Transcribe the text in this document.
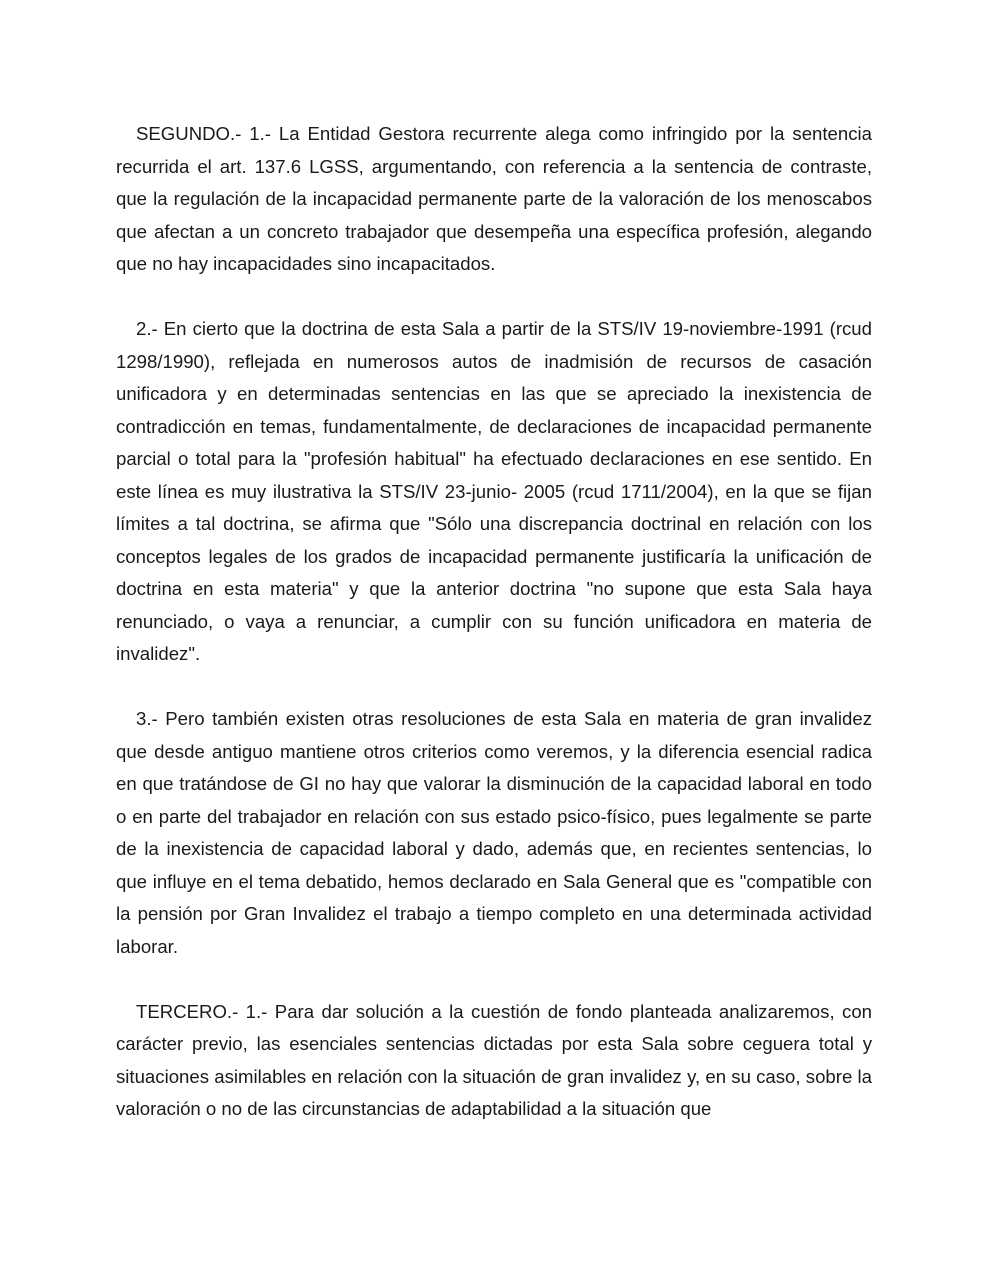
SEGUNDO.- 1.- La Entidad Gestora recurrente alega como infringido por la sentencia recurrida el art. 137.6 LGSS, argumentando, con referencia a la sentencia de contraste, que la regulación de la incapacidad permanente parte de la valoración de los menoscabos que afectan a un concreto trabajador que desempeña una específica profesión, alegando que no hay incapacidades sino incapacitados.

2.- En cierto que la doctrina de esta Sala a partir de la STS/IV 19-noviembre-1991 (rcud 1298/1990), reflejada en numerosos autos de inadmisión de recursos de casación unificadora y en determinadas sentencias en las que se apreciado la inexistencia de contradicción en temas, fundamentalmente, de declaraciones de incapacidad permanente parcial o total para la "profesión habitual" ha efectuado declaraciones en ese sentido. En este línea es muy ilustrativa la STS/IV 23-junio- 2005 (rcud 1711/2004), en la que se fijan límites a tal doctrina, se afirma que "Sólo una discrepancia doctrinal en relación con los conceptos legales de los grados de incapacidad permanente justificaría la unificación de doctrina en esta materia" y que la anterior doctrina "no supone que esta Sala haya renunciado, o vaya a renunciar, a cumplir con su función unificadora en materia de invalidez".

3.- Pero también existen otras resoluciones de esta Sala en materia de gran invalidez que desde antiguo mantiene otros criterios como veremos, y la diferencia esencial radica en que tratándose de GI no hay que valorar la disminución de la capacidad laboral en todo o en parte del trabajador en relación con sus estado psico-físico, pues legalmente se parte de la inexistencia de capacidad laboral y dado, además que, en recientes sentencias, lo que influye en el tema debatido, hemos declarado en Sala General que es "compatible con la pensión por Gran Invalidez el trabajo a tiempo completo en una determinada actividad laborar.

TERCERO.- 1.- Para dar solución a la cuestión de fondo planteada analizaremos, con carácter previo, las esenciales sentencias dictadas por esta Sala sobre ceguera total y situaciones asimilables en relación con la situación de gran invalidez y, en su caso, sobre la valoración o no de las circunstancias de adaptabilidad a la situación que
